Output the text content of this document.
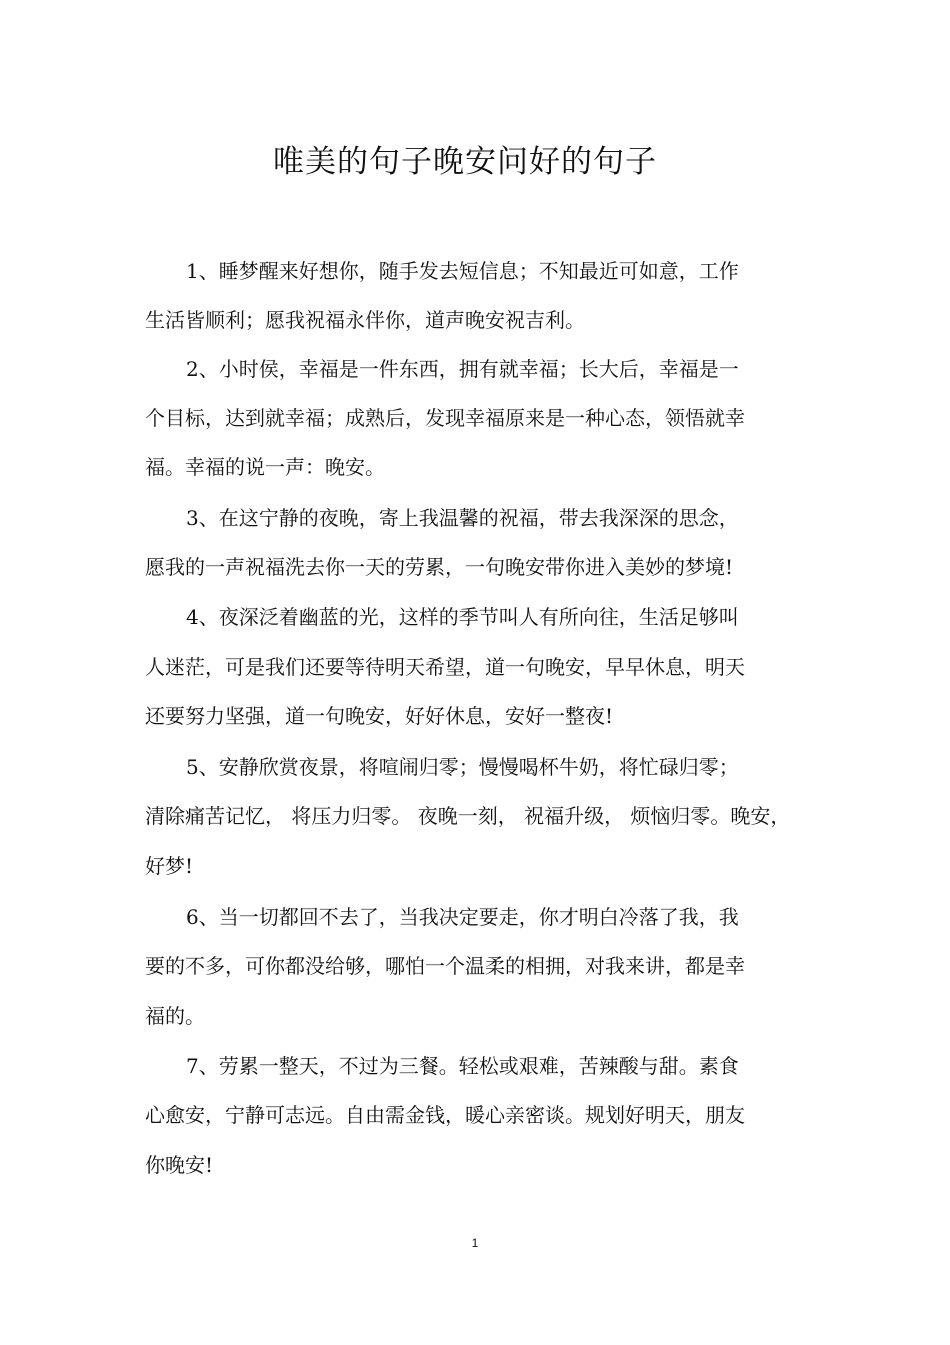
唯美的句子晚安问好的句子

1、睡梦醒来好想你，随手发去短信息；不知最近可如意，工作

生活皆顺利；愿我祝福永伴你，道声晚安祝吉利。

2、小时侯，幸福是一件东西，拥有就幸福；长大后，幸福是一

个目标，达到就幸福；成熟后，发现幸福原来是一种心态，领悟就幸

福。幸福的说一声：晚安。

3、在这宁静的夜晚，寄上我温馨的祝福，带去我深深的思念，

愿我的一声祝福洗去你一天的劳累，一句晚安带你进入美妙的梦境!

4、夜深泛着幽蓝的光，这样的季节叫人有所向往，生活足够叫

人迷茫，可是我们还要等待明天希望，道一句晚安，早早休息，明天

还要努力坚强，道一句晚安，好好休息，安好一整夜!

5、安静欣赏夜景，将喧闹归零；慢慢喝杯牛奶，将忙碌归零；

清除痛苦记忆， 将压力归零。 夜晚一刻， 祝福升级， 烦恼归零。晚安，

好梦!

6、当一切都回不去了，当我决定要走，你才明白冷落了我，我

要的不多，可你都没给够，哪怕一个温柔的相拥，对我来讲，都是幸

福的。

7、劳累一整天，不过为三餐。轻松或艰难，苦辣酸与甜。素食

心愈安，宁静可志远。自由需金钱，暖心亲密谈。规划好明天，朋友

你晚安!

1
